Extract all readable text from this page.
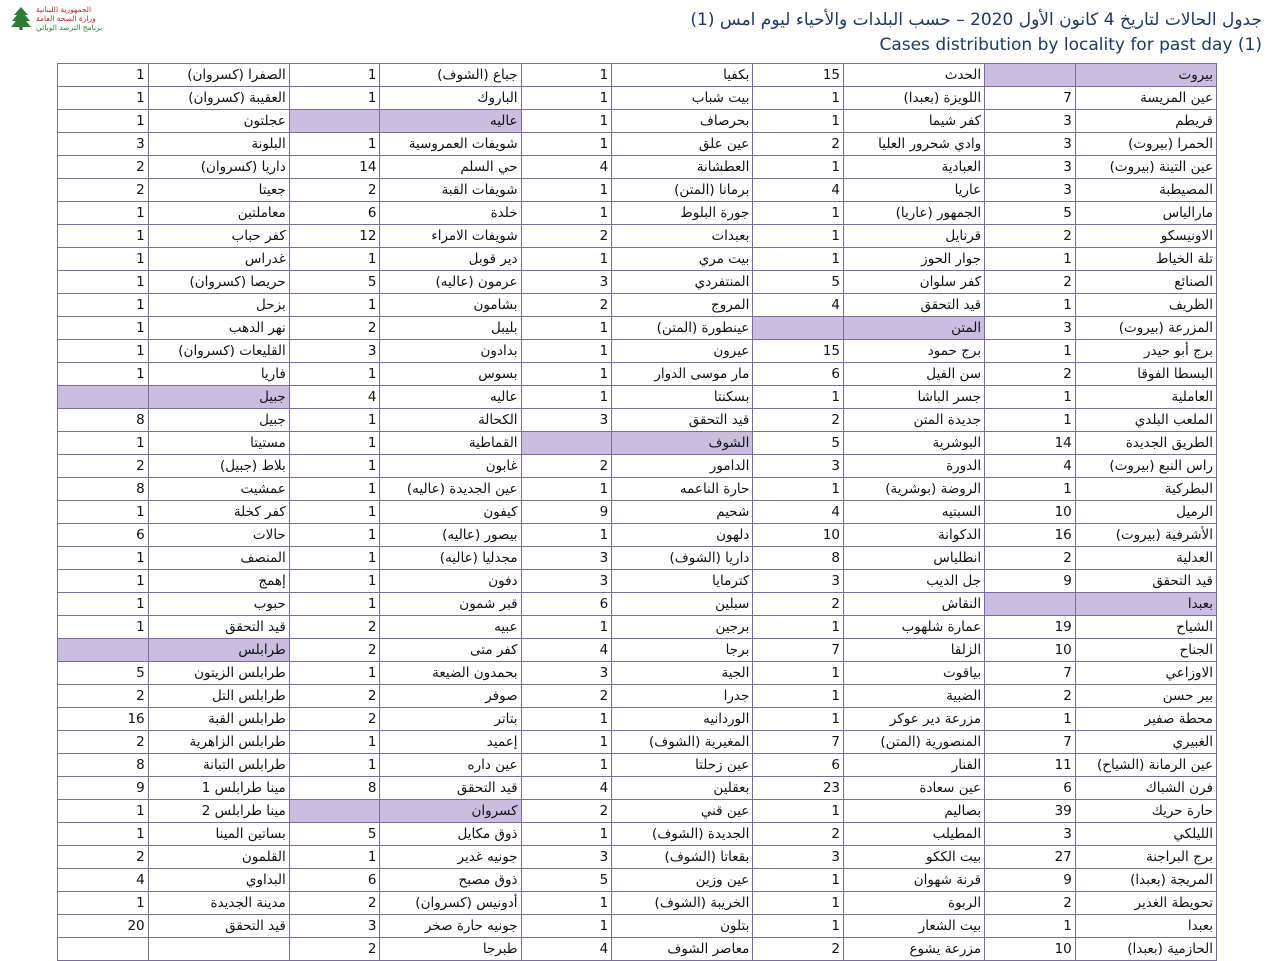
الجمهورية اللبنانية
وزارة الصحة العامة
برنامج الترصد الوبائي	جدول الحالات لتاريخ 4 كانون الأول 2020 – حسب البلدات والأحياء ليوم امس (1)
Cases distribution by locality for past day (1)
1	الصفرا (كسروان)	1	جباع (الشوف)	1	بكفيا	15	الحدث		بيروت
1	العقيبة (كسروان)	1	الباروك	1	بيت شباب	1	اللويزة (بعبدا)	7	عين المريسة
1	عجلتون		عاليه	1	بحرصاف	1	كفر شيما	3	قريطم
3	البلونة	1	شويفات العمروسية	1	عين علق	2	وادي شحرور العليا	3	الحمرا (بيروت)
2	داريا (كسروان)	14	حي السلم	4	العطشانة	1	العبادية	3	عين التينة (بيروت)
2	جعيتا	2	شويفات القبة	1	برمانا (المتن)	4	عاريا	3	المصيطبة
1	معاملتين	6	خلدة	1	جورة البلوط	1	الجمهور (عاريا)	5	مارالياس
1	كفر حباب	12	شويفات الامراء	2	بعبدات	1	قرنايل	2	الاونيسكو
1	غدراس	1	دير قوبل	1	بيت مري	1	جوار الحوز	1	تلة الخياط
1	حريصا (كسروان)	5	عرمون (عاليه)	3	المنتفردي	5	كفر سلوان	2	الصنائع
1	بزحل	1	بشامون	2	المروج	4	قيد التحقق	1	الظريف
1	نهر الدهب	2	بليبل	1	عينطورة (المتن)		المتن	3	المزرعة (بيروت)
1	القليعات (كسروان)	3	بدادون	1	عيرون	15	برج حمود	1	برج أبو حيدر
1	فاريا	1	بسوس	1	مار موسى الدوار	6	سن الفيل	2	البسطا الفوقا
	جبيل	4	عاليه	1	بسكنتا	1	جسر الباشا	1	العاملية
8	جبيل	1	الكحالة	3	قيد التحقق	2	جديدة المتن	1	الملعب البلدي
1	مستيتا	1	القماطية		الشوف	5	البوشرية	14	الطريق الجديدة
2	بلاط (جبيل)	1	غابون	2	الدامور	3	الدورة	4	راس النبع (بيروت)
8	عمشيت	1	عين الجديدة (عاليه)	1	حارة الناعمه	1	الروضة (بوشرية)	1	البطركية
1	كفر كخلة	1	كيفون	9	شحيم	4	السبتيه	10	الرميل
6	حالات	1	بيصور (عاليه)	1	دلهون	10	الدكوانة	16	الأشرفية (بيروت)
1	المنصف	1	مجدليا (عاليه)	3	داريا (الشوف)	8	انطلياس	2	العدلية
1	إهمج	1	دفون	3	كترمايا	3	جل الديب	9	قيد التحقق
1	حبوب	1	قبر شمون	6	سبلين	2	النقاش		بعبدا
1	قيد التحقق	2	عبيه	1	برجين	1	عمارة شلهوب	19	الشياح
	طرابلس	2	كفر متى	4	برجا	7	الزلقا	10	الجناح
5	طرابلس الزيتون	1	بحمدون الضيعة	3	الجية	1	بياقوت	7	الاوزاعي
2	طرابلس التل	2	صوفر	2	جدرا	1	الضبية	2	بير حسن
16	طرابلس القبة	2	بتاتر	1	الوردانيه	1	مزرعة دير عوكر	1	محطة صفير
2	طرابلس الزاهرية	1	إعميد	1	المغيرية (الشوف)	7	المنصورية (المتن)	7	الغبيري
8	طرابلس التبانة	1	عين داره	1	عين زحلتا	6	الفنار	11	عين الرمانة (الشياح)
9	مينا طرابلس 1	8	قيد التحقق	4	بعقلين	23	عين سعادة	6	فرن الشباك
1	مينا طرابلس 2		كسروان	2	عين قني	1	بصاليم	39	حارة حريك
1	بساتين المينا	5	ذوق مكايل	1	الجديدة (الشوف)	2	المطيلب	3	الليلكي
2	القلمون	1	جونيه غدير	3	بقعاتا (الشوف)	3	بيت الككو	27	برج البراجنة
4	البداوي	6	ذوق مصبح	5	عين وزين	1	قرنة شهوان	9	المريجة (بعبدا)
1	مدينة الجديدة	2	أدونيس (كسروان)	1	الخريبة (الشوف)	1	الربوة	2	تحويطة الغدير
20	قيد التحقق	3	جونيه حارة صخر	1	بتلون	1	بيت الشعار	1	بعبدا
		2	طبرجا	4	معاصر الشوف	2	مزرعة يشوع	10	الحازمية (بعبدا)
